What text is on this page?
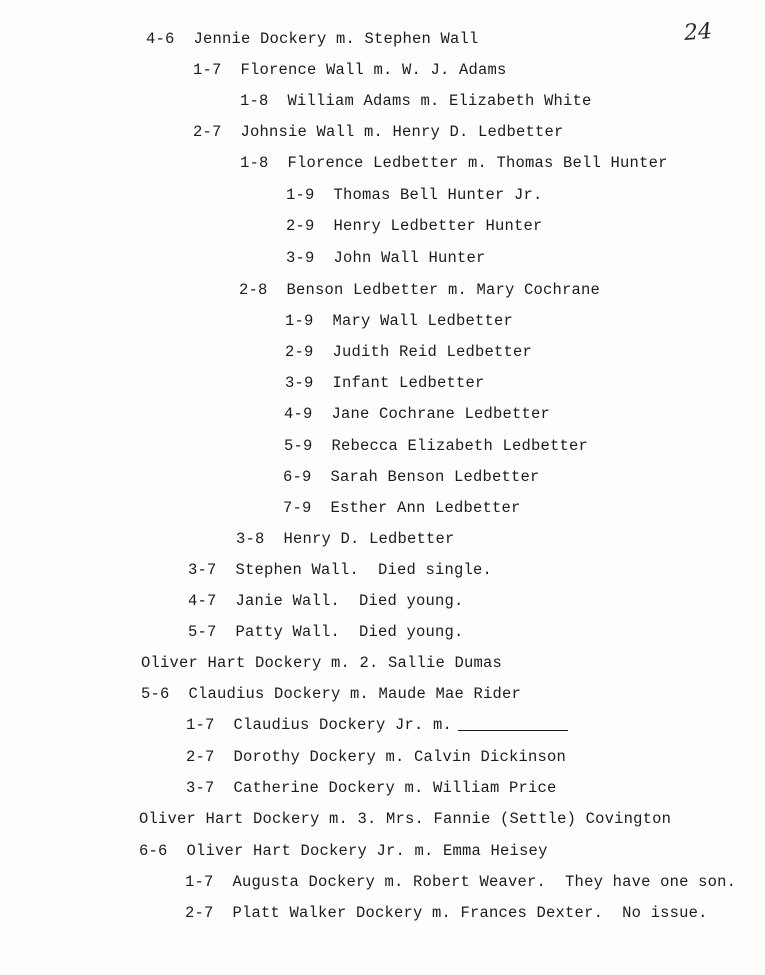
24
4-6  Jennie Dockery m. Stephen Wall
1-7  Florence Wall m. W. J. Adams
1-8  William Adams m. Elizabeth White
2-7  Johnsie Wall m. Henry D. Ledbetter
1-8  Florence Ledbetter m. Thomas Bell Hunter
1-9  Thomas Bell Hunter Jr.
2-9  Henry Ledbetter Hunter
3-9  John Wall Hunter
2-8  Benson Ledbetter m. Mary Cochrane
1-9  Mary Wall Ledbetter
2-9  Judith Reid Ledbetter
3-9  Infant Ledbetter
4-9  Jane Cochrane Ledbetter
5-9  Rebecca Elizabeth Ledbetter
6-9  Sarah Benson Ledbetter
7-9  Esther Ann Ledbetter
3-8  Henry D. Ledbetter
3-7  Stephen Wall.  Died single.
4-7  Janie Wall.  Died young.
5-7  Patty Wall.  Died young.
Oliver Hart Dockery m. 2. Sallie Dumas
5-6  Claudius Dockery m. Maude Mae Rider
1-7  Claudius Dockery Jr. m.
2-7  Dorothy Dockery m. Calvin Dickinson
3-7  Catherine Dockery m. William Price
Oliver Hart Dockery m. 3. Mrs. Fannie (Settle) Covington
6-6  Oliver Hart Dockery Jr. m. Emma Heisey
1-7  Augusta Dockery m. Robert Weaver.  They have one son.
2-7  Platt Walker Dockery m. Frances Dexter.  No issue.
